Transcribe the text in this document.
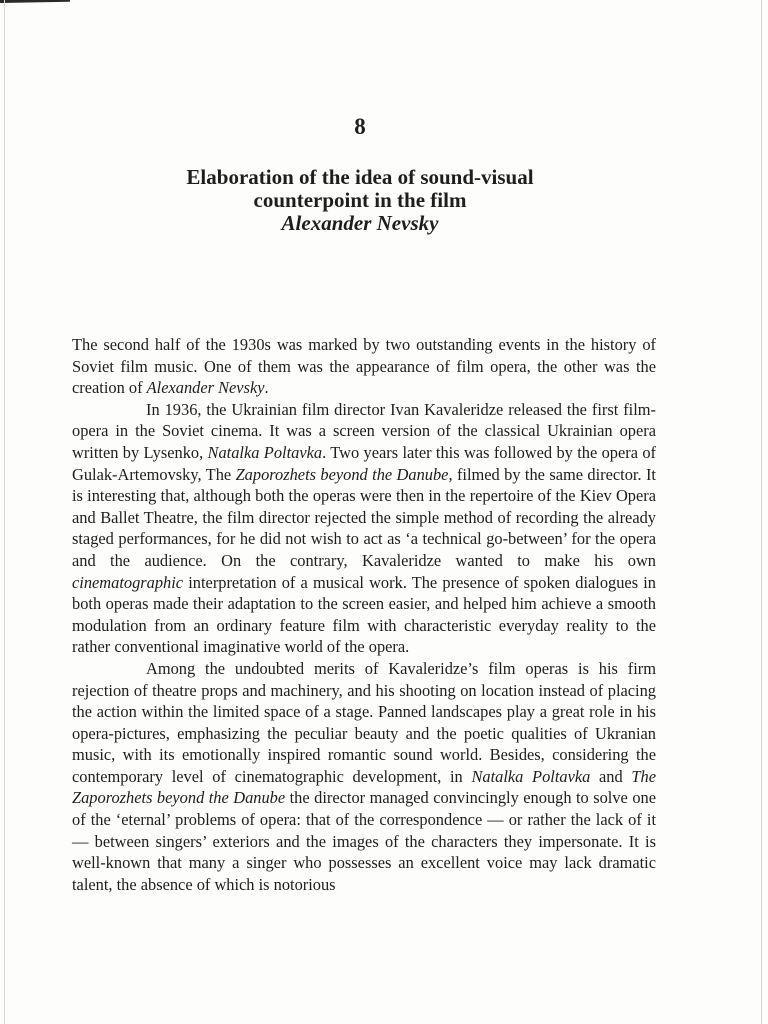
8
Elaboration of the idea of sound-visual
counterpoint in the film
Alexander Nevsky

The second half of the 1930s was marked by two outstanding events in the history of Soviet film music. One of them was the appearance of film opera, the other was the creation of Alexander Nevsky.

In 1936, the Ukrainian film director Ivan Kavaleridze released the first film-opera in the Soviet cinema. It was a screen version of the classical Ukrainian opera written by Lysenko, Natalka Poltavka. Two years later this was followed by the opera of Gulak-Artemovsky, The Zaporozhets beyond the Danube, filmed by the same director. It is interesting that, although both the operas were then in the repertoire of the Kiev Opera and Ballet Theatre, the film director rejected the simple method of recording the already staged performances, for he did not wish to act as ‘a technical go-between’ for the opera and the audience. On the contrary, Kavaleridze wanted to make his own cinematographic interpretation of a musical work. The presence of spoken dialogues in both operas made their adaptation to the screen easier, and helped him achieve a smooth modulation from an ordinary feature film with characteristic everyday reality to the rather conventional imaginative world of the opera.

Among the undoubted merits of Kavaleridze’s film operas is his firm rejection of theatre props and machinery, and his shooting on location instead of placing the action within the limited space of a stage. Panned landscapes play a great role in his opera-pictures, emphasizing the peculiar beauty and the poetic qualities of Ukranian music, with its emotionally inspired romantic sound world. Besides, considering the contemporary level of cinematographic development, in Natalka Poltavka and The Zaporozhets beyond the Danube the director managed convincingly enough to solve one of the ‘eternal’ problems of opera: that of the correspondence — or rather the lack of it — between singers’ exteriors and the images of the characters they impersonate. It is well-known that many a singer who possesses an excellent voice may lack dramatic talent, the absence of which is notorious
